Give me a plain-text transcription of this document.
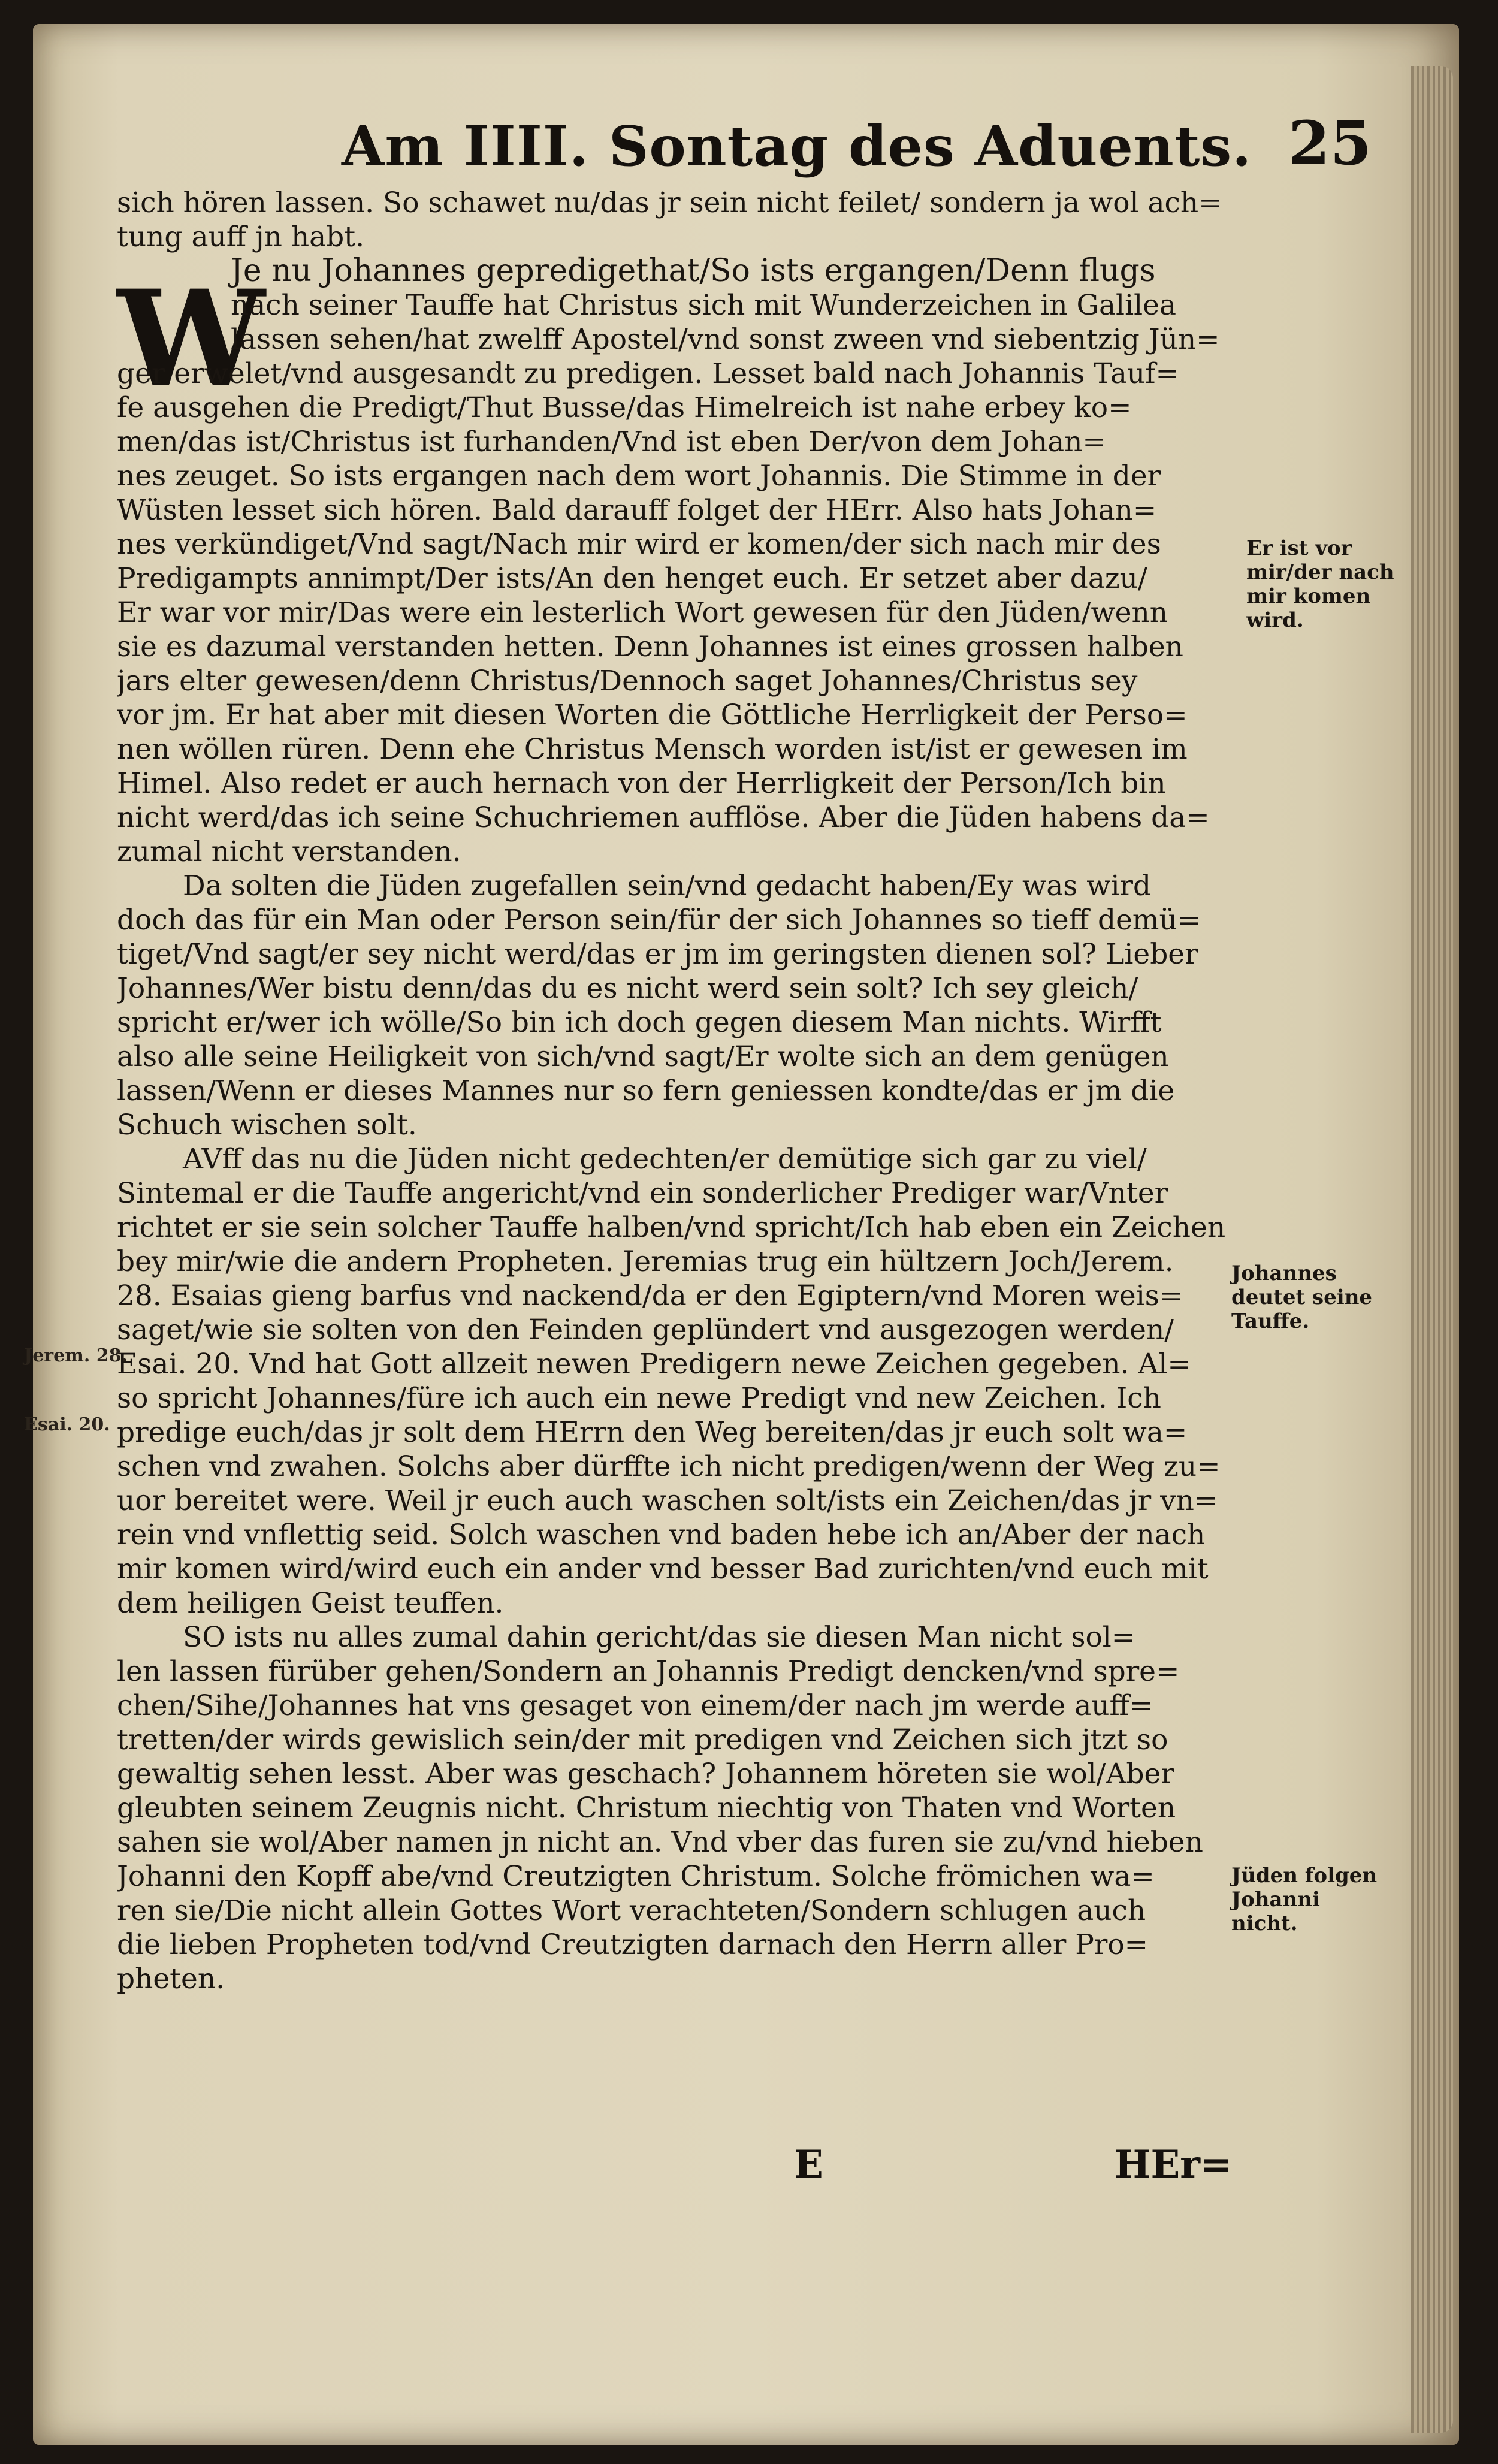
Am IIII. Sontag des Aduents. 25
W
sich hören lassen. So schawet nu/das jr sein nicht feilet/ sondern ja wol ach=
tung auff jn habt.
Je nu Johannes gepredigethat/So ists ergangen/Denn flugs
nach seiner Tauffe hat Christus sich mit Wunderzeichen in Galilea
lassen sehen/hat zwelff Apostel/vnd sonst zween vnd siebentzig Jün=
ger erwelet/vnd ausgesandt zu predigen. Lesset bald nach Johannis Tauf=
fe ausgehen die Predigt/Thut Busse/das Himelreich ist nahe erbey ko=
men/das ist/Christus ist furhanden/Vnd ist eben Der/von dem Johan=
nes zeuget. So ists ergangen nach dem wort Johannis. Die Stimme in der
Wüsten lesset sich hören. Bald darauff folget der HErr. Also hats Johan=
nes verkündiget/Vnd sagt/Nach mir wird er komen/der sich nach mir des
Predigampts annimpt/Der ists/An den henget euch. Er setzet aber dazu/
Er war vor mir/Das were ein lesterlich Wort gewesen für den Jüden/wenn
sie es dazumal verstanden hetten. Denn Johannes ist eines grossen halben
jars elter gewesen/denn Christus/Dennoch saget Johannes/Christus sey
vor jm. Er hat aber mit diesen Worten die Göttliche Herrligkeit der Perso=
nen wöllen rüren. Denn ehe Christus Mensch worden ist/ist er gewesen im
Himel. Also redet er auch hernach von der Herrligkeit der Person/Ich bin
nicht werd/das ich seine Schuchriemen aufflöse. Aber die Jüden habens da=
zumal nicht verstanden.
Da solten die Jüden zugefallen sein/vnd gedacht haben/Ey was wird
doch das für ein Man oder Person sein/für der sich Johannes so tieff demü=
tiget/Vnd sagt/er sey nicht werd/das er jm im geringsten dienen sol? Lieber
Johannes/Wer bistu denn/das du es nicht werd sein solt? Ich sey gleich/
spricht er/wer ich wölle/So bin ich doch gegen diesem Man nichts. Wirfft
also alle seine Heiligkeit von sich/vnd sagt/Er wolte sich an dem genügen
lassen/Wenn er dieses Mannes nur so fern geniessen kondte/das er jm die
Schuch wischen solt.
AVff das nu die Jüden nicht gedechten/er demütige sich gar zu viel/
Sintemal er die Tauffe angericht/vnd ein sonderlicher Prediger war/Vnter
richtet er sie sein solcher Tauffe halben/vnd spricht/Ich hab eben ein Zeichen
bey mir/wie die andern Propheten. Jeremias trug ein hültzern Joch/Jerem.
28. Esaias gieng barfus vnd nackend/da er den Egiptern/vnd Moren weis=
saget/wie sie solten von den Feinden geplündert vnd ausgezogen werden/
Esai. 20. Vnd hat Gott allzeit newen Predigern newe Zeichen gegeben. Al=
so spricht Johannes/füre ich auch ein newe Predigt vnd new Zeichen. Ich
predige euch/das jr solt dem HErrn den Weg bereiten/das jr euch solt wa=
schen vnd zwahen. Solchs aber dürffte ich nicht predigen/wenn der Weg zu=
uor bereitet were. Weil jr euch auch waschen solt/ists ein Zeichen/das jr vn=
rein vnd vnflettig seid. Solch waschen vnd baden hebe ich an/Aber der nach
mir komen wird/wird euch ein ander vnd besser Bad zurichten/vnd euch mit
dem heiligen Geist teuffen.
SO ists nu alles zumal dahin gericht/das sie diesen Man nicht sol=
len lassen fürüber gehen/Sondern an Johannis Predigt dencken/vnd spre=
chen/Sihe/Johannes hat vns gesaget von einem/der nach jm werde auff=
tretten/der wirds gewislich sein/der mit predigen vnd Zeichen sich jtzt so
gewaltig sehen lesst. Aber was geschach? Johannem höreten sie wol/Aber
gleubten seinem Zeugnis nicht. Christum niechtig von Thaten vnd Worten
sahen sie wol/Aber namen jn nicht an. Vnd vber das furen sie zu/vnd hieben
Johanni den Kopff abe/vnd Creutzigten Christum. Solche frömichen wa=
ren sie/Die nicht allein Gottes Wort verachteten/Sondern schlugen auch
die lieben Propheten tod/vnd Creutzigten darnach den Herrn aller Pro=
pheten.
Er ist vor
mir/der nach
mir komen
wird.
Johannes
deutet seine
Tauffe.
Jüden folgen
Johanni
nicht.
Jerem. 28.
Esai. 20.
E	HEr=
